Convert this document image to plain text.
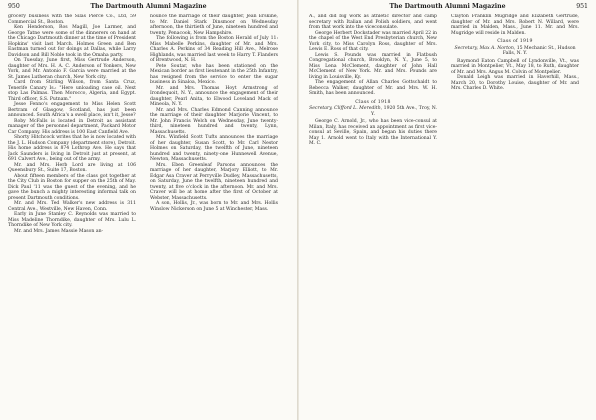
950	The Dartmouth Alumni Magazine

grocery business with the Silas Pierce Co., Ltd, 59 Commercial St., Boston.

Ken Henderson, Ros Magill, Joe Larmer, and George Tatne were some of the dinnerers on hand at the Chicago Dartmouth dinner at the time of President Hopkins' visit last March. Holmes Green and Ben Eastman turned out for doings at Dallas, while Larry Davidson and Bill Noble took in the Omaha party.

On Tuesday, June first, Miss Gertrude Anderson, daughter of Mrs. H. A. C. Anderson of Yonkers, New York, and Mr. Antonio F. Garcia were married at the St. James Lutheran church, New York city.

Card from Stirling Wilson, from Santa Cruz, Tenerife Canary Is.: "Here unloading case oil. Next stop Las Palmas. Then Morocco, Algeria, and Egypt. Third officer, S.S. Putnam."

Jesse Fenno's engagement to Miss Helen Scott Bertram of Glasgow, Scotland, has just been announced. South Africa's a swell place, isn't it, Jesse?

Roby McFalls is located in Detroit as assistant manager of the personnel department, Packard Motor Car Company. His address is 100 East Canfield Ave.

Shorty Hitchcock writes that he is now located with the J. L. Hudson Company (department store), Detroit. His home address is 874 Lothrop Ave. He says that Jack Saunders is living in Detroit just at present, at 691 Calvert Ave., being out of the army.

Mr. and Mrs. Herb Lord are living at 106 Queensbury St., Suite 17, Boston.

About fifteen members of the class got together at the City Club in Boston for supper on the 25th of May. Dick Paul '11 was the guest of the evening, and he gave the bunch a mighty interesting informal talk on present Dartmouth conditions.

Mr. and Mrs. Ted Walker's new address is 311 Central Ave., Westville, New Haven, Conn.

Early in June Stanley C. Reynolds was married to Miss Madeline Thorndike, daughter of Mrs. Lulu L. Thorndike of New York city.

Mr. and Mrs. James Massie Mason an-

nounce the marriage of their daughter, Jean Erskine, to Mr. Daniel Stark Dinsmoor on Wednesday afternoon, the thirtieth of June, nineteen hundred and twenty, Penacook, New Hampshire.

The following is from the Boston Herald of July 11: Miss Mabelle Perkins, daughter of Mr. and Mrs. Charles A. Perkins of 34 Reading Hill Ave., Melrose Highlands, was married last week to Harry T. Flanders of Brentwood, N. H.

Pete Soutar, who has been stationed on the Mexican border as first lieutenant in the 25th Infantry, has resigned from the service to enter the sugar business in Sinaloa, Mexico.

Mr. and Mrs. Thomas Hoyt Armstrong of Irondequoit, N. Y., announce the engagement of their daughter, Pearl Anita, to Elwood Loveland Mack of Mineola, N. Y.

Mr. and Mrs. Charles Edmond Canning announce the marriage of their daughter Marjorie Vincent, to Mr. John Francis Welch on Wednesday, June twenty-third, nineteen hundred and twenty, Lynn, Massachusetts.

Mrs. Winfield Scott Tufts announces the marriage of her daughter, Susan Scott, to Mr. Carl Nestor Holmes on Saturday, the twelfth of June, nineteen hundred and twenty, ninety-one Hunnewell Avenue, Newton, Massachusetts.

Mrs. Eben Greenleaf Parsons announces the marriage of her daughter, Marjory Elliott, to Mr. Edgar Asa Craver at Perryville Dudley, Massachusetts, on Saturday, June the twelfth, nineteen hundred and twenty, at five o'clock in the afternoon. Mr. and Mrs. Craver will be at home after the first of October at Webster, Massachusetts.

A son, Hollis, Jr., was born to Mr. and Mrs. Hollis Winslow Nickerson on June 5 at Winchester, Mass.

The Dartmouth Alumni Magazine	951

A., and did big work as athletic director and camp secretary with Italian and Polish soldiers, and went from that work into the viceconsulate.

George Herbert Dockstader was married April 22 in the chapel of the West End Presbyterian church, New York city, to Miss Carolyn Ross, daughter of Mrs. Lewis E. Ross of that city.

Lewis S. Pounds was married in Flatbush Congregational church, Brooklyn, N. Y., June 5, to Miss Lena McClement, daughter of John Hall McClement of New York. Mr. and Mrs. Pounds are living in Louisville, Ky.

The engagement of Allan Charles Gottschaldt to Rebecca Walker, daughter of Mr. and Mrs. W. H. Smith, has been announced.

Class of 1918

Secretary, Clifford L. Meredith, 1920 5th Ave., Troy, N. Y.

George C. Arnold, Jr., who has been vice-consul at Milan, Italy, has received an appointment as first vice-consul at Seville, Spain, and began his duties there May 1. Arnold went to Italy with the International Y. M. C.

Clayton Franklin Mugridge and Elizabeth Gertrude, daughter of Mr. and Mrs. Robert N. Willard, were married in Malden, Mass., June 11. Mr. and Mrs. Mugridge will reside in Malden.

Class of 1919

Secretary, Max A. Norton, 15 Mechanic St., Hudson Falls, N. Y.

Raymond Eaton Campbell of Lyndonville, Vt., was married in Montpelier, Vt., May 18, to Ruth, daughter of Mr. and Mrs. Angus M. Colvin of Montpelier.

Donald Leigh was married in Haverhill, Mass., March 20, to Dorothy Louise, daughter of Mr. and Mrs. Charles D. White.
